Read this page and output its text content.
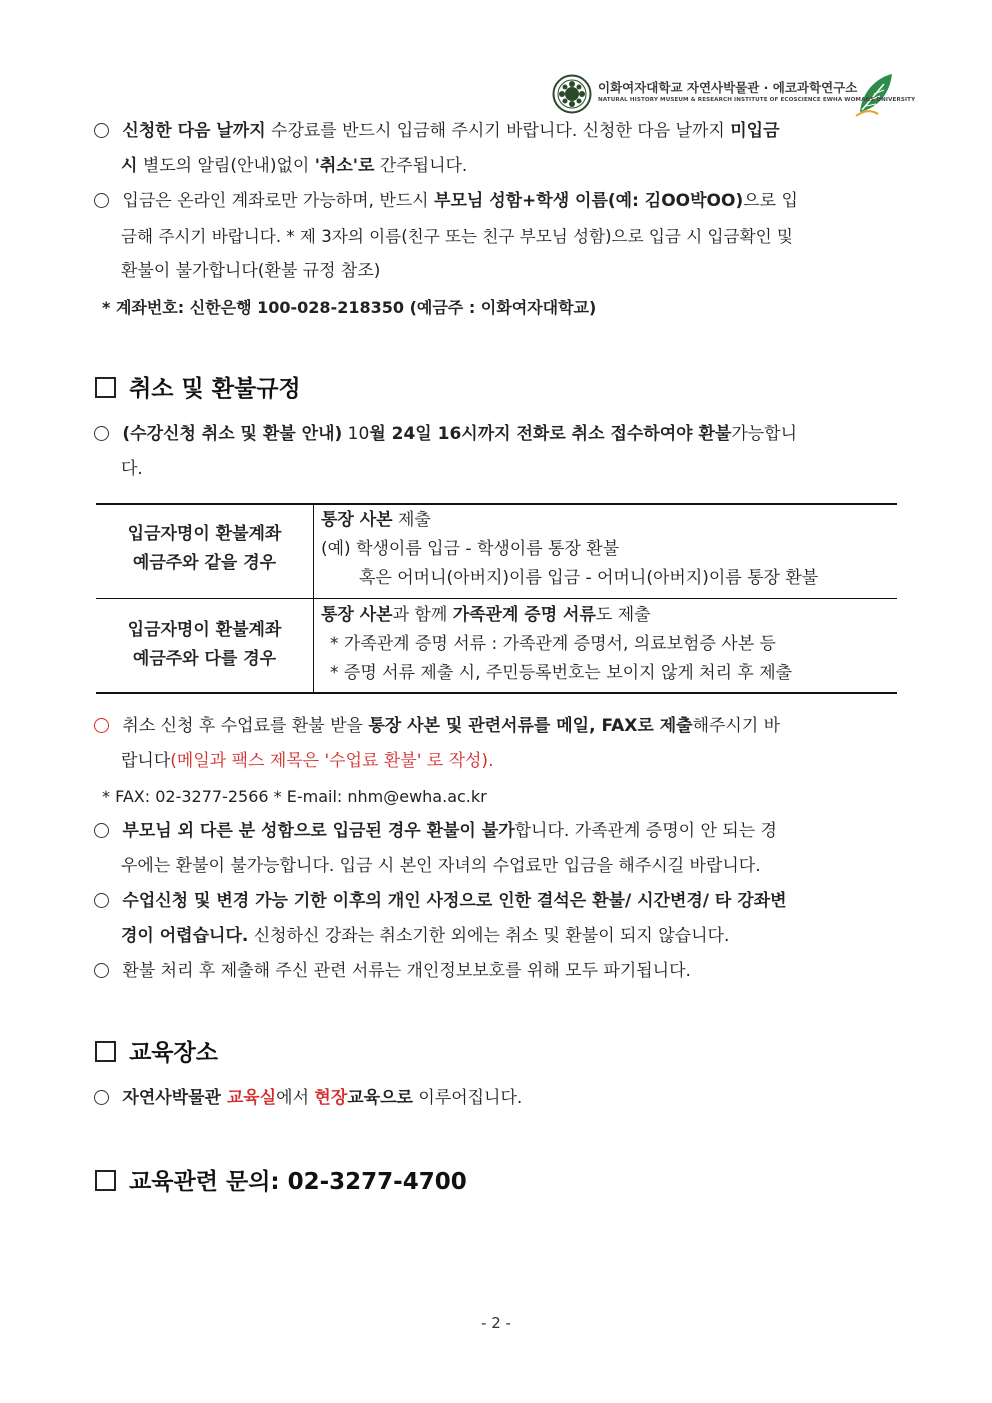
이화여자대학교 자연사박물관 · 에코과학연구소
NATURAL HISTORY MUSEUM & RESEARCH INSTITUTE OF ECOSCIENCE EWHA WOMANS UNIVERSITY
신청한 다음 날까지 수강료를 반드시 입금해 주시기 바랍니다. 신청한 다음 날까지 미입금
시 별도의 알림(안내)없이 '취소'로 간주됩니다.
입금은 온라인 계좌로만 가능하며, 반드시 부모님 성함+학생 이름(예: 김OO박OO)으로 입
금해 주시기 바랍니다. * 제 3자의 이름(친구 또는 친구 부모님 성함)으로 입금 시 입금확인 및
환불이 불가합니다(환불 규정 참조)
* 계좌번호: 신한은행 100-028-218350 (예금주 : 이화여자대학교)
취소 및 환불규정
(수강신청 취소 및 환불 안내) 10월 24일 16시까지 전화로 취소 접수하여야 환불가능합니
다.
입금자명이 환불계좌
예금주와 같을 경우
통장 사본 제출
(예) 학생이름 입금 - 학생이름 통장 환불
혹은 어머니(아버지)이름 입금 - 어머니(아버지)이름 통장 환불
입금자명이 환불계좌
예금주와 다를 경우
통장 사본과 함께 가족관계 증명 서류도 제출
* 가족관계 증명 서류 : 가족관계 증명서, 의료보험증 사본 등
* 증명 서류 제출 시, 주민등록번호는 보이지 않게 처리 후 제출
취소 신청 후 수업료를 환불 받을 통장 사본 및 관련서류를 메일, FAX로 제출해주시기 바
랍니다(메일과 팩스 제목은 '수업료 환불' 로 작성).
* FAX: 02-3277-2566 * E-mail: nhm@ewha.ac.kr
부모님 외 다른 분 성함으로 입금된 경우 환불이 불가합니다. 가족관계 증명이 안 되는 경
우에는 환불이 불가능합니다. 입금 시 본인 자녀의 수업료만 입금을 해주시길 바랍니다.
수업신청 및 변경 가능 기한 이후의 개인 사정으로 인한 결석은 환불/ 시간변경/ 타 강좌변
경이 어렵습니다. 신청하신 강좌는 취소기한 외에는 취소 및 환불이 되지 않습니다.
환불 처리 후 제출해 주신 관련 서류는 개인정보보호를 위해 모두 파기됩니다.
교육장소
자연사박물관 교육실에서 현장교육으로 이루어집니다.
교육관련 문의: 02-3277-4700
- 2 -
